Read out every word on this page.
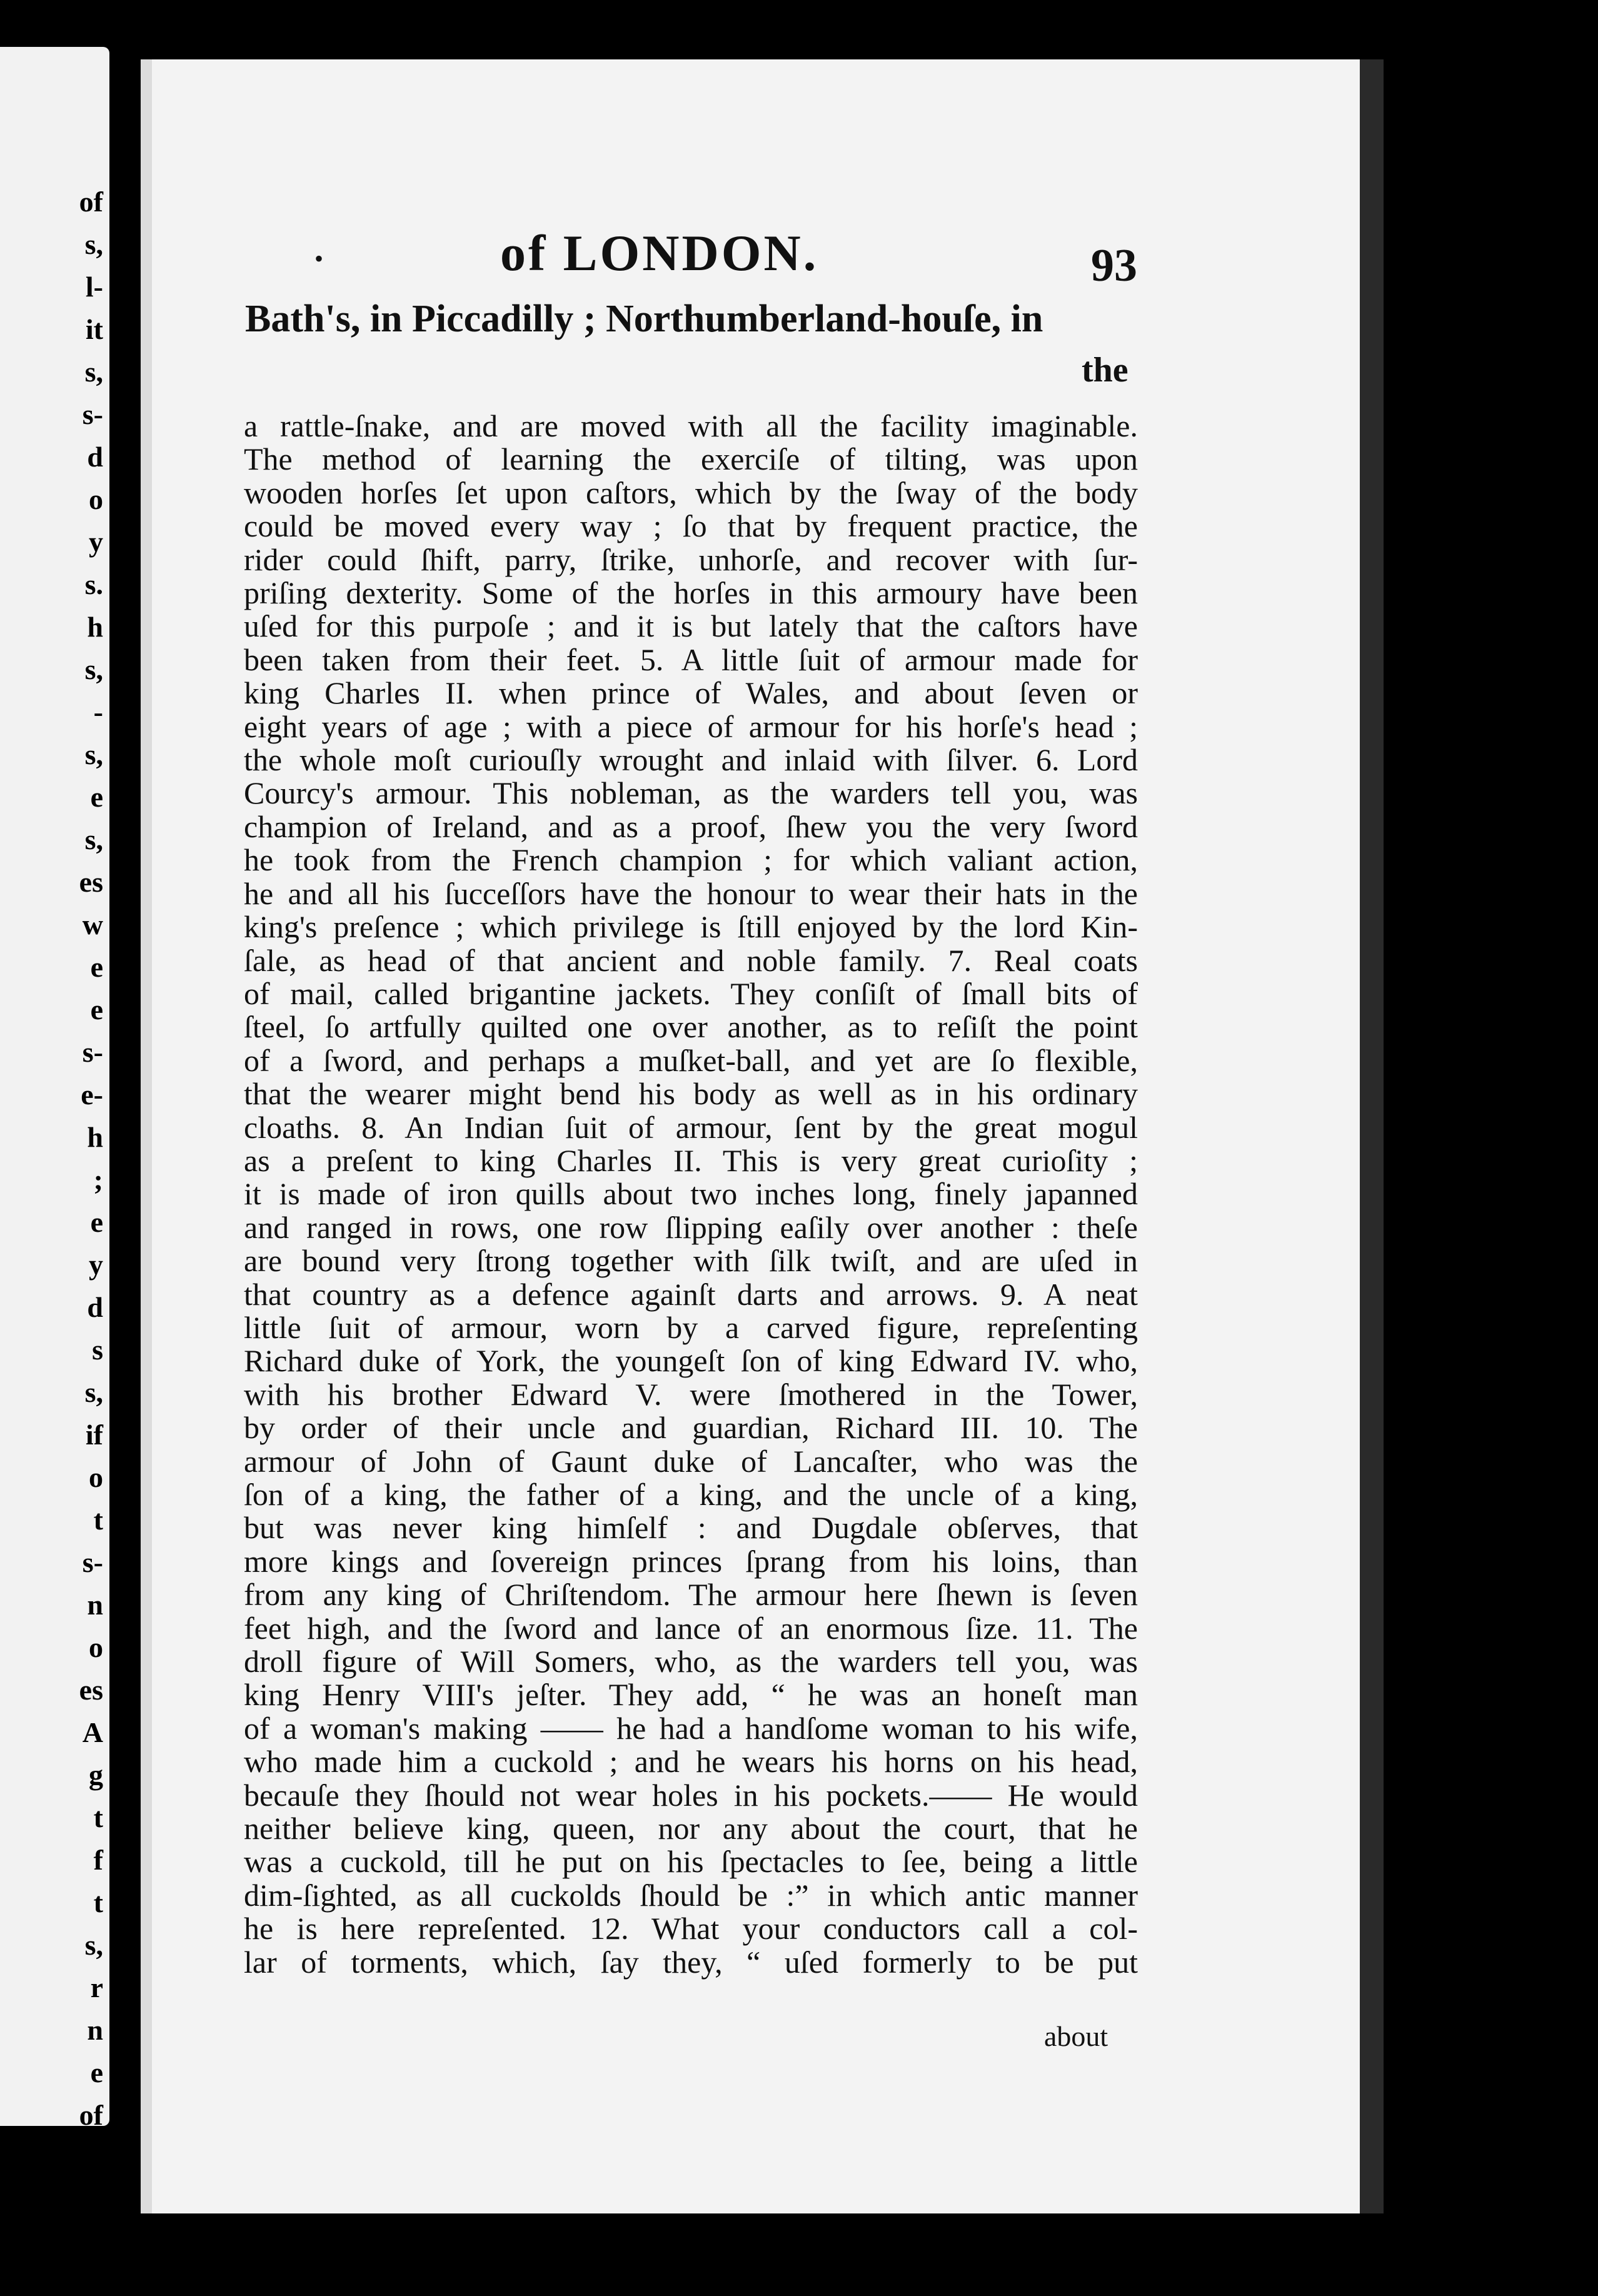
of
s,
l-
it
s,
s-
d
o
y
s.
h
s,
-
s,
e
s,
es
w
e
e
s-
e-
h
;
e
y
d
s
s,
if
o
t
s-
n
o
es
A
g
t
f
t
s,
r
n
e
of
-
•	of LONDON.	93
Bath's, in Piccadilly ; Northumberland-houſe, in
the
a rattle-ſnake, and are moved with all the facility imaginable.
The method of learning the exerciſe of tilting, was upon
wooden horſes ſet upon caſtors, which by the ſway of the body
could be moved every way ; ſo that by frequent practice, the
rider could ſhift, parry, ſtrike, unhorſe, and recover with ſur-
priſing dexterity. Some of the horſes in this armoury have been
uſed for this purpoſe ; and it is but lately that the caſtors have
been taken from their feet. 5. A little ſuit of armour made for
king Charles II. when prince of Wales, and about ſeven or
eight years of age ; with a piece of armour for his horſe's head ;
the whole moſt curiouſly wrought and inlaid with ſilver. 6. Lord
Courcy's armour. This nobleman, as the warders tell you, was
champion of Ireland, and as a proof, ſhew you the very ſword
he took from the French champion ; for which valiant action,
he and all his ſucceſſors have the honour to wear their hats in the
king's preſence ; which privilege is ſtill enjoyed by the lord Kin-
ſale, as head of that ancient and noble family. 7. Real coats
of mail, called brigantine jackets. They conſiſt of ſmall bits of
ſteel, ſo artfully quilted one over another, as to reſiſt the point
of a ſword, and perhaps a muſket-ball, and yet are ſo flexible,
that the wearer might bend his body as well as in his ordinary
cloaths. 8. An Indian ſuit of armour, ſent by the great mogul
as a preſent to king Charles II. This is very great curioſity ;
it is made of iron quills about two inches long, finely japanned
and ranged in rows, one row ſlipping eaſily over another : theſe
are bound very ſtrong together with ſilk twiſt, and are uſed in
that country as a defence againſt darts and arrows. 9. A neat
little ſuit of armour, worn by a carved figure, repreſenting
Richard duke of York, the youngeſt ſon of king Edward IV. who,
with his brother Edward V. were ſmothered in the Tower,
by order of their uncle and guardian, Richard III. 10. The
armour of John of Gaunt duke of Lancaſter, who was the
ſon of a king, the father of a king, and the uncle of a king,
but was never king himſelf : and Dugdale obſerves, that
more kings and ſovereign princes ſprang from his loins, than
from any king of Chriſtendom. The armour here ſhewn is ſeven
feet high, and the ſword and lance of an enormous ſize. 11. The
droll figure of Will Somers, who, as the warders tell you, was
king Henry VIII's jeſter. They add, “ he was an honeſt man
of a woman's making —— he had a handſome woman to his wife,
who made him a cuckold ; and he wears his horns on his head,
becauſe they ſhould not wear holes in his pockets.—— He would
neither believe king, queen, nor any about the court, that he
was a cuckold, till he put on his ſpectacles to ſee, being a little
dim-ſighted, as all cuckolds ſhould be :” in which antic manner
he is here repreſented. 12. What your conductors call a col-
lar of torments, which, ſay they, “ uſed formerly to be put
about
